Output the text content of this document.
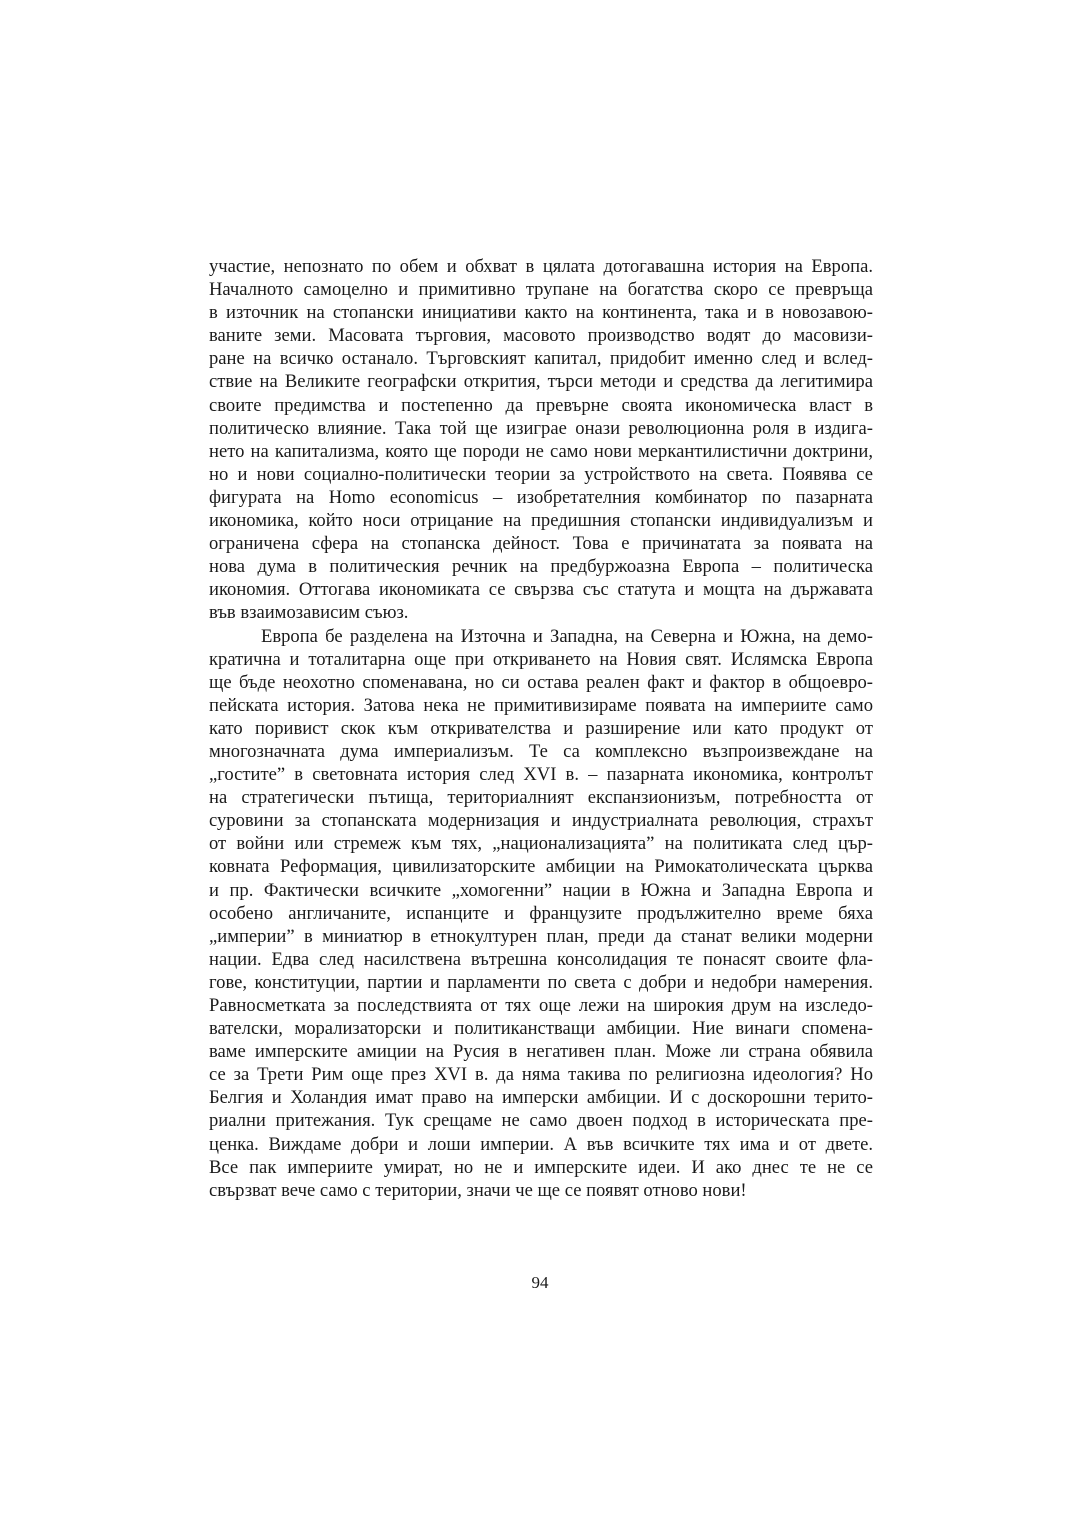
участие, непознато по обем и обхват в цялата дотогавашна история на Европа.
Началното самоцелно и примитивно трупане на богатства скоро се превръща
в източник на стопански инициативи както на континента, така и в новозавою-
ваните земи. Масовата търговия, масовото производство водят до масовизи-
ране на всичко останало. Търговският капитал, придобит именно след и вслед-
ствие на Великите географски открития, търси методи и средства да легитимира
своите предимства и постепенно да превърне своята икономическа власт в
политическо влияние. Така той ще изиграе онази революционна роля в издига-
нето на капитализма, която ще породи не само нови меркантилистични доктрини,
но и нови социално-политически теории за устройството на света. Появява се
фигурата на Homo economicus – изобретателния комбинатор по пазарната
икономика, който носи отрицание на предишния стопански индивидуализъм и
ограничена сфера на стопанска дейност. Това е причинатата за появата на
нова дума в политическия речник на предбуржоазна Европа – политическа
икономия. Оттогава икономиката се свързва със статута и мощта на държавата
във взаимозависим съюз.
Европа бе разделена на Източна и Западна, на Северна и Южна, на демо-
кратична и тоталитарна още при откриването на Новия свят. Ислямска Европа
ще бъде неохотно споменавана, но си остава реален факт и фактор в общоевро-
пейската история. Затова нека не примитивизираме появата на империите само
като поривист скок към откривателства и разширение или като продукт от
многозначната дума империализъм. Те са комплексно възпроизвеждане на
„гостите” в световната история след XVI в. – пазарната икономика, контролът
на стратегически пътища, териториалният експанзионизъм, потребността от
суровини за стопанската модернизация и индустриалната революция, страхът
от войни или стремеж към тях, „национализацията” на политиката след цър-
ковната Реформация, цивилизаторските амбиции на Римокатолическата църква
и пр. Фактически всичките „хомогенни” нации в Южна и Западна Европа и
особено англичаните, испанците и французите продължително време бяха
„империи” в миниатюр в етнокултурен план, преди да станат велики модерни
нации. Едва след насилствена вътрешна консолидация те понасят своите фла-
гове, конституции, партии и парламенти по света с добри и недобри намерения.
Равносметката за последствията от тях още лежи на широкия друм на изследо-
вателски, морализаторски и политиканстващи амбиции. Ние винаги спомена-
ваме имперските амиции на Русия в негативен план. Може ли страна обявила
се за Трети Рим още през XVI в. да няма такива по религиозна идеология? Но
Белгия и Холандия имат право на имперски амбиции. И с доскорошни терито-
риални притежания. Тук срещаме не само двоен подход в историческата пре-
ценка. Виждаме добри и лоши империи. А във всичките тях има и от двете.
Все пак империите умират, но не и имперските идеи. И ако днес те не се
свързват вече само с територии, значи че ще се появят отново нови!
94
